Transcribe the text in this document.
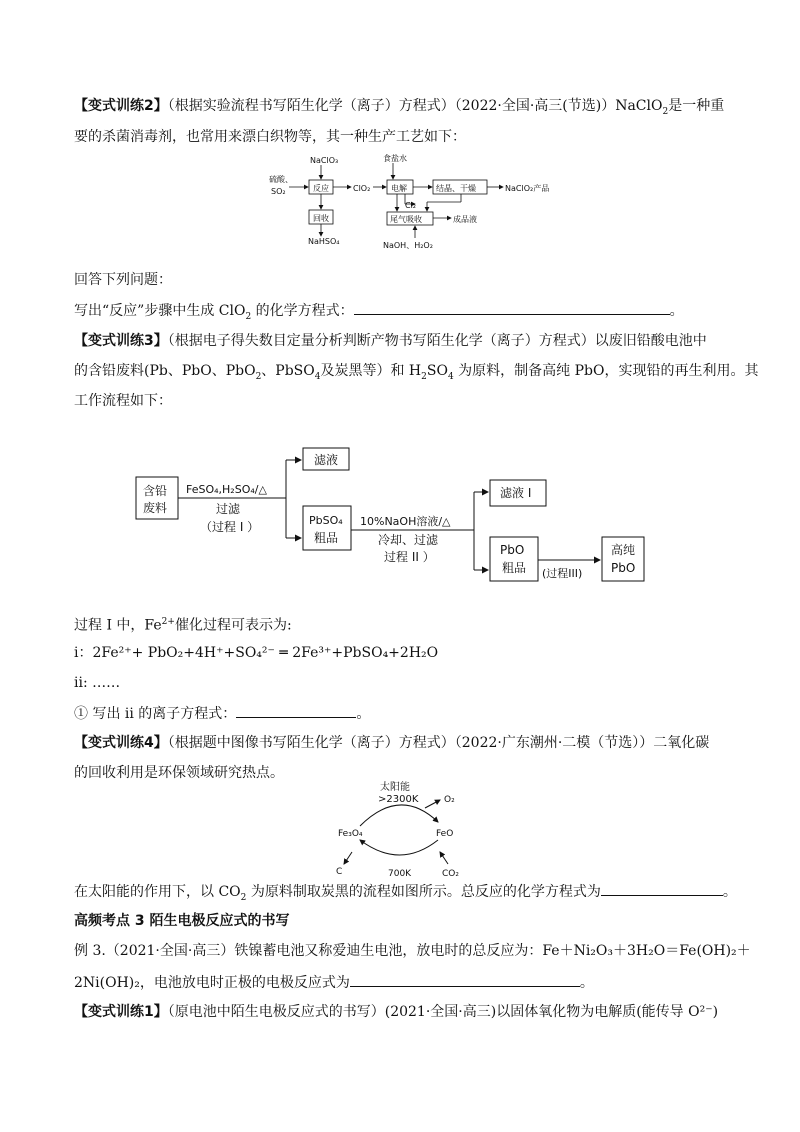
【变式训练2】（根据实验流程书写陌生化学（离子）方程式）（2022·全国·高三(节选)）NaClO$_2$是一种重
要的杀菌消毒剂，也常用来漂白织物等，其一种生产工艺如下：
NaClO₃	食盐水
硫酸、
SO₂	反应	ClO₂	电解	结晶、干燥	NaClO₂产品
回收
Cl₂
尾气吸收	成品液
NaHSO₄	NaOH、H₂O₂
回答下列问题：
写出“反应”步骤中生成 ClO$_2$ 的化学方程式：	。
【变式训练3】（根据电子得失数目定量分析判断产物书写陌生化学（离子）方程式）以废旧铅酸电池中
的含铅废料(Pb、PbO、PbO$_2$、PbSO$_4$及炭黑等）和 $H_2SO_4$ 为原料，制备高纯 PbO，实现铅的再生利用。其
工作流程如下：
含铅
废料
FeSO₄,H₂SO₄/△
过滤
（过程 I ）
滤液
PbSO₄
粗品
10%NaOH溶液/△
冷却、过滤
过程 II ）
滤液 I
PbO
粗品 (过程III)
高纯
PbO
过程 I 中，$Fe^{2+}$催化过程可表示为:
i：2Fe²⁺+ PbO₂+4H⁺+SO₄²⁻ ═ 2Fe³⁺+PbSO₄+2H₂O
ii: ……
① 写出 ii 的离子方程式：	。
【变式训练4】（根据题中图像书写陌生化学（离子）方程式）（2022·广东潮州·二模（节选））二氧化碳
的回收利用是环保领域研究热点。
太阳能
>2300K	O₂
Fe₃O₄	FeO
C	700K	CO₂
在太阳能的作用下，以 $CO_2$ 为原料制取炭黑的流程如图所示。总反应的化学方程式为	。
高频考点 3 陌生电极反应式的书写
例 3.（2021·全国·高三）铁镍蓄电池又称爱迪生电池，放电时的总反应为：Fe＋Ni₂O₃＋3H₂O＝Fe(OH)₂＋
2Ni(OH)₂，电池放电时正极的电极反应式为	。
【变式训练1】（原电池中陌生电极反应式的书写）(2021·全国·高三)以固体氧化物为电解质(能传导 O²⁻)
